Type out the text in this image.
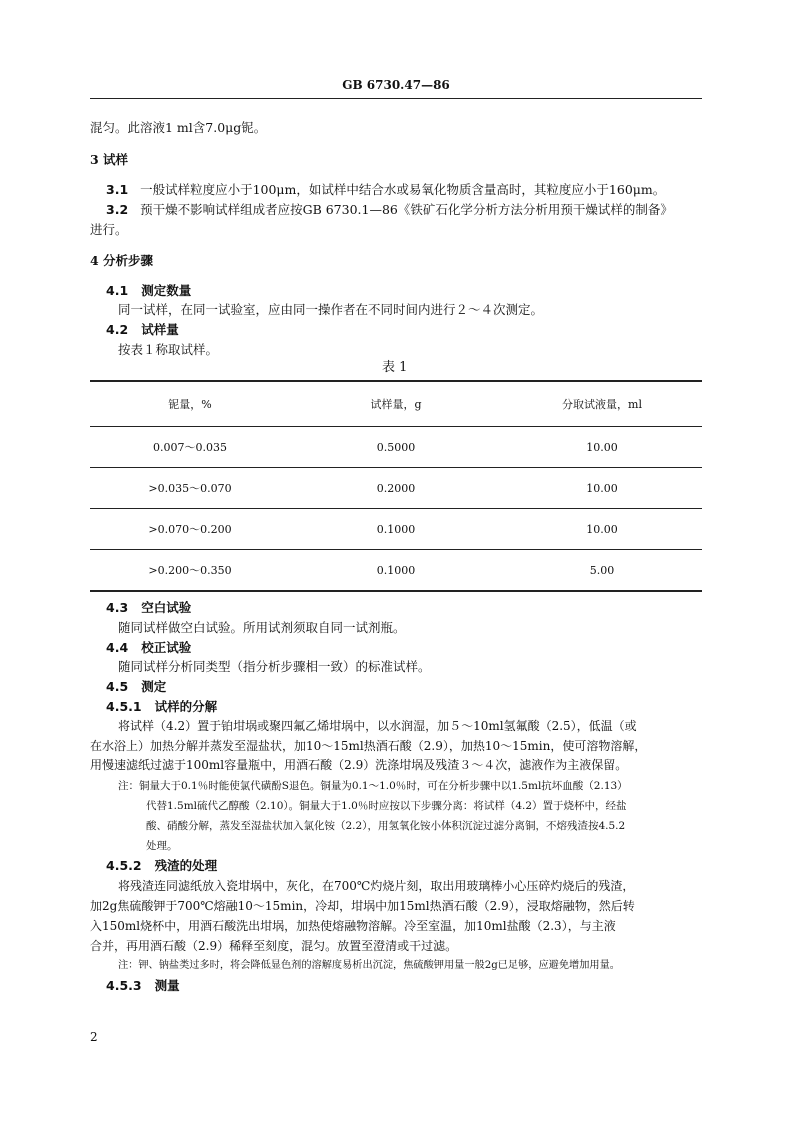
GB 6730.47—86
混匀。此溶液1 ml含7.0μg铌。
3 试样
3.1 一般试样粒度应小于100μm，如试样中结合水或易氧化物质含量高时，其粒度应小于160μm。
3.2 预干燥不影响试样组成者应按GB 6730.1—86《铁矿石化学分析方法分析用预干燥试样的制备》
进行。
4 分析步骤
4.1 测定数量
同一试样，在同一试验室，应由同一操作者在不同时间内进行２～４次测定。
4.2 试样量
按表１称取试样。
表 1
铌量，%	试样量，g	分取试液量，ml
0.007～0.035	0.5000	10.00
>0.035～0.070	0.2000	10.00
>0.070～0.200	0.1000	10.00
>0.200～0.350	0.1000	5.00
4.3 空白试验
随同试样做空白试验。所用试剂须取自同一试剂瓶。
4.4 校正试验
随同试样分析同类型（指分析步骤相一致）的标准试样。
4.5 测定
4.5.1 试样的分解
将试样（4.2）置于铂坩埚或聚四氟乙烯坩埚中，以水润湿，加５～10ml氢氟酸（2.5），低温（或
在水浴上）加热分解并蒸发至湿盐状，加10～15ml热酒石酸（2.9），加热10～15min，使可溶物溶解，
用慢速滤纸过滤于100ml容量瓶中，用酒石酸（2.9）洗涤坩埚及残渣３～４次，滤液作为主液保留。
注：铜量大于0.1％时能使氯代磺酚S退色。铜量为0.1～1.0％时，可在分析步骤中以1.5ml抗坏血酸（2.13）
代替1.5ml硫代乙醇酸（2.10）。铜量大于1.0％时应按以下步骤分离：将试样（4.2）置于烧杯中，经盐
酸、硝酸分解，蒸发至湿盐状加入氯化铵（2.2），用氢氧化铵小体积沉淀过滤分离铜，不熔残渣按4.5.2
处理。
4.5.2 残渣的处理
将残渣连同滤纸放入瓷坩埚中，灰化，在700℃灼烧片刻，取出用玻璃棒小心压碎灼烧后的残渣，
加2g焦硫酸钾于700℃熔融10～15min，冷却，坩埚中加15ml热酒石酸（2.9），浸取熔融物，然后转
入150ml烧杯中，用酒石酸洗出坩埚，加热使熔融物溶解。冷至室温，加10ml盐酸（2.3），与主液
合并，再用酒石酸（2.9）稀释至刻度，混匀。放置至澄清或干过滤。
注：钾、钠盐类过多时，将会降低显色剂的溶解度易析出沉淀，焦硫酸钾用量一般2g已足够，应避免增加用量。
4.5.3 测量
2
